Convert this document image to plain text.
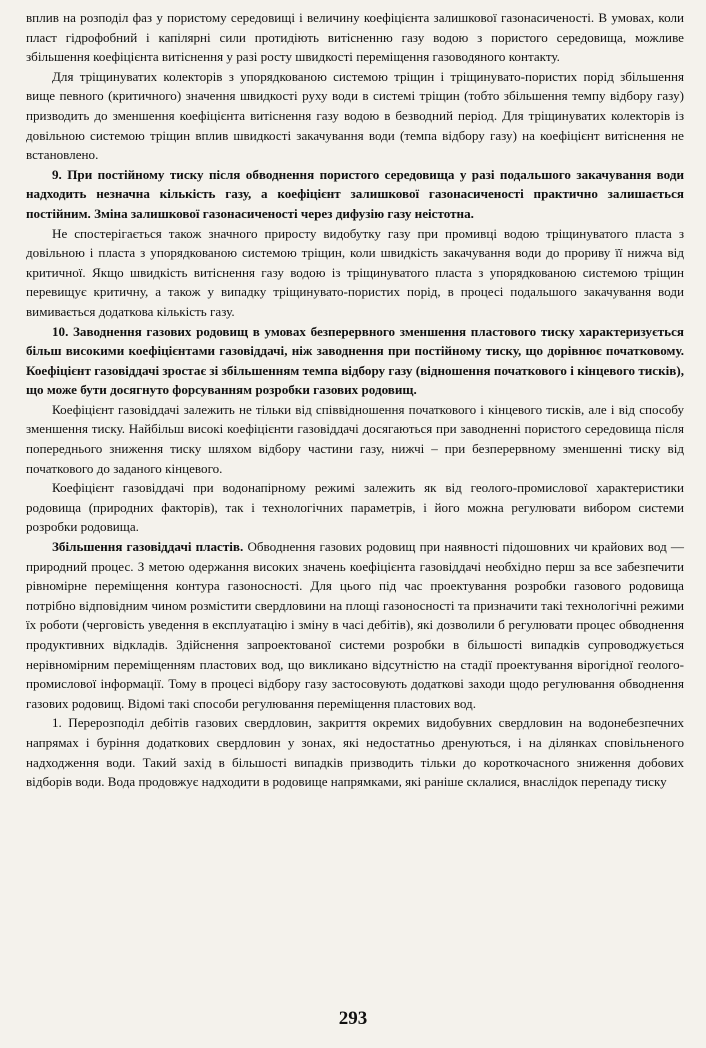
вплив на розподіл фаз у пористому середовищі і величину коефіцієнта залишкової газонасиченості. В умовах, коли пласт гідрофобний і капілярні сили протидіють витісненню газу водою з пористого середовища, можливе збільшення коефіцієнта витіснення у разі росту швидкості переміщення газоводяного контакту.

Для тріщинуватих колекторів з упорядкованою системою тріщин і тріщинувато-пористих порід збільшення вище певного (критичного) значення швидкості руху води в системі тріщин (тобто збільшення темпу відбору газу) призводить до зменшення коефіцієнта витіснення газу водою в безводний період. Для тріщинуватих колекторів із довільною системою тріщин вплив швидкості закачування води (темпа відбору газу) на коефіцієнт витіснення не встановлено.

9. При постійному тиску після обводнення пористого середовища у разі подальшого закачування води надходить незначна кількість газу, а коефіцієнт залишкової газонасиченості практично залишається постійним. Зміна залишкової газонасиченості через дифузію газу неістотна.

Не спостерігається також значного приросту видобутку газу при промивці водою тріщинуватого пласта з довільною і пласта з упорядкованою системою тріщин, коли швидкість закачування води до прориву її нижча від критичної. Якщо швидкість витіснення газу водою із тріщинуватого пласта з упорядкованою системою тріщин перевищує критичну, а також у випадку тріщинувато-пористих порід, в процесі подальшого закачування води вимивається додаткова кількість газу.

10. Заводнення газових родовищ в умовах безперервного зменшення пластового тиску характеризується більш високими коефіцієнтами газовіддачі, ніж заводнення при постійному тиску, що дорівнює початковому. Коефіцієнт газовіддачі зростає зі збільшенням темпа відбору газу (відношення початкового і кінцевого тисків), що може бути досягнуто форсуванням розробки газових родовищ.

Коефіцієнт газовіддачі залежить не тільки від співвідношення початкового і кінцевого тисків, але і від способу зменшення тиску. Найбільш високі коефіцієнти газовіддачі досягаються при заводненні пористого середовища після попереднього зниження тиску шляхом відбору частини газу, нижчі – при безперервному зменшенні тиску від початкового до заданого кінцевого.

Коефіцієнт газовіддачі при водонапірному режимі залежить як від геолого-промислової характеристики родовища (природних факторів), так і технологічних параметрів, і його можна регулювати вибором системи розробки родовища.

Збільшення газовіддачі пластів. Обводнення газових родовищ при наявності підошовних чи крайових вод —природний процес. З метою одержання високих значень коефіцієнта газовіддачі необхідно перш за все забезпечити рівномірне переміщення контура газоносності. Для цього під час проектування розробки газового родовища потрібно відповідним чином розмістити свердловини на площі газоносності та призначити такі технологічні режими їх роботи (черговість уведення в експлуатацію і зміну в часі дебітів), які дозволили б регулювати процес обводнення продуктивних відкладів. Здійснення запроектованої системи розробки в більшості випадків супроводжується нерівномірним переміщенням пластових вод, що викликано відсутністю на стадії проектування вірогідної геолого-промислової інформації. Тому в процесі відбору газу застосовують додаткові заходи щодо регулювання обводнення газових родовищ. Відомі такі способи регулювання переміщення пластових вод.

1. Перерозподіл дебітів газових свердловин, закриття окремих видобувних свердловин на водонебезпечних напрямах і буріння додаткових свердловин у зонах, які недостатньо дренуються, і на ділянках сповільненого надходження води. Такий захід в більшості випадків призводить тільки до короткочасного зниження добових відборів води. Вода продовжує надходити в родовище напрямками, які раніше склалися, внаслідок перепаду тиску

293
